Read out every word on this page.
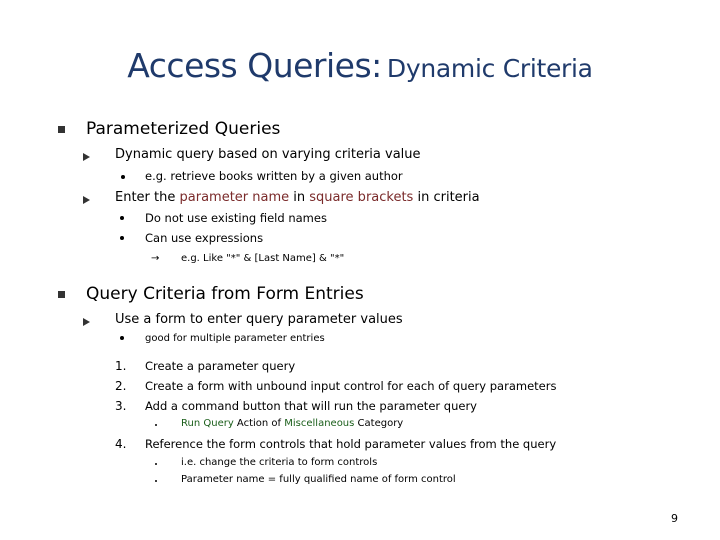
Access Queries: Dynamic Criteria
Parameterized Queries
Dynamic query based on varying criteria value
e.g. retrieve books written by a given author
Enter the parameter name in square brackets in criteria
Do not use existing field names
Can use expressions
→ e.g. Like "*" & [Last Name] & "*"
Query Criteria from Form Entries
Use a form to enter query parameter values
good for multiple parameter entries
1. Create a parameter query
2. Create a form with unbound input control for each of query parameters
3. Add a command button that will run the parameter query
Run Query Action of Miscellaneous Category
4. Reference the form controls that hold parameter values from the query
i.e. change the criteria to form controls
Parameter name = fully qualified name of form control
9
